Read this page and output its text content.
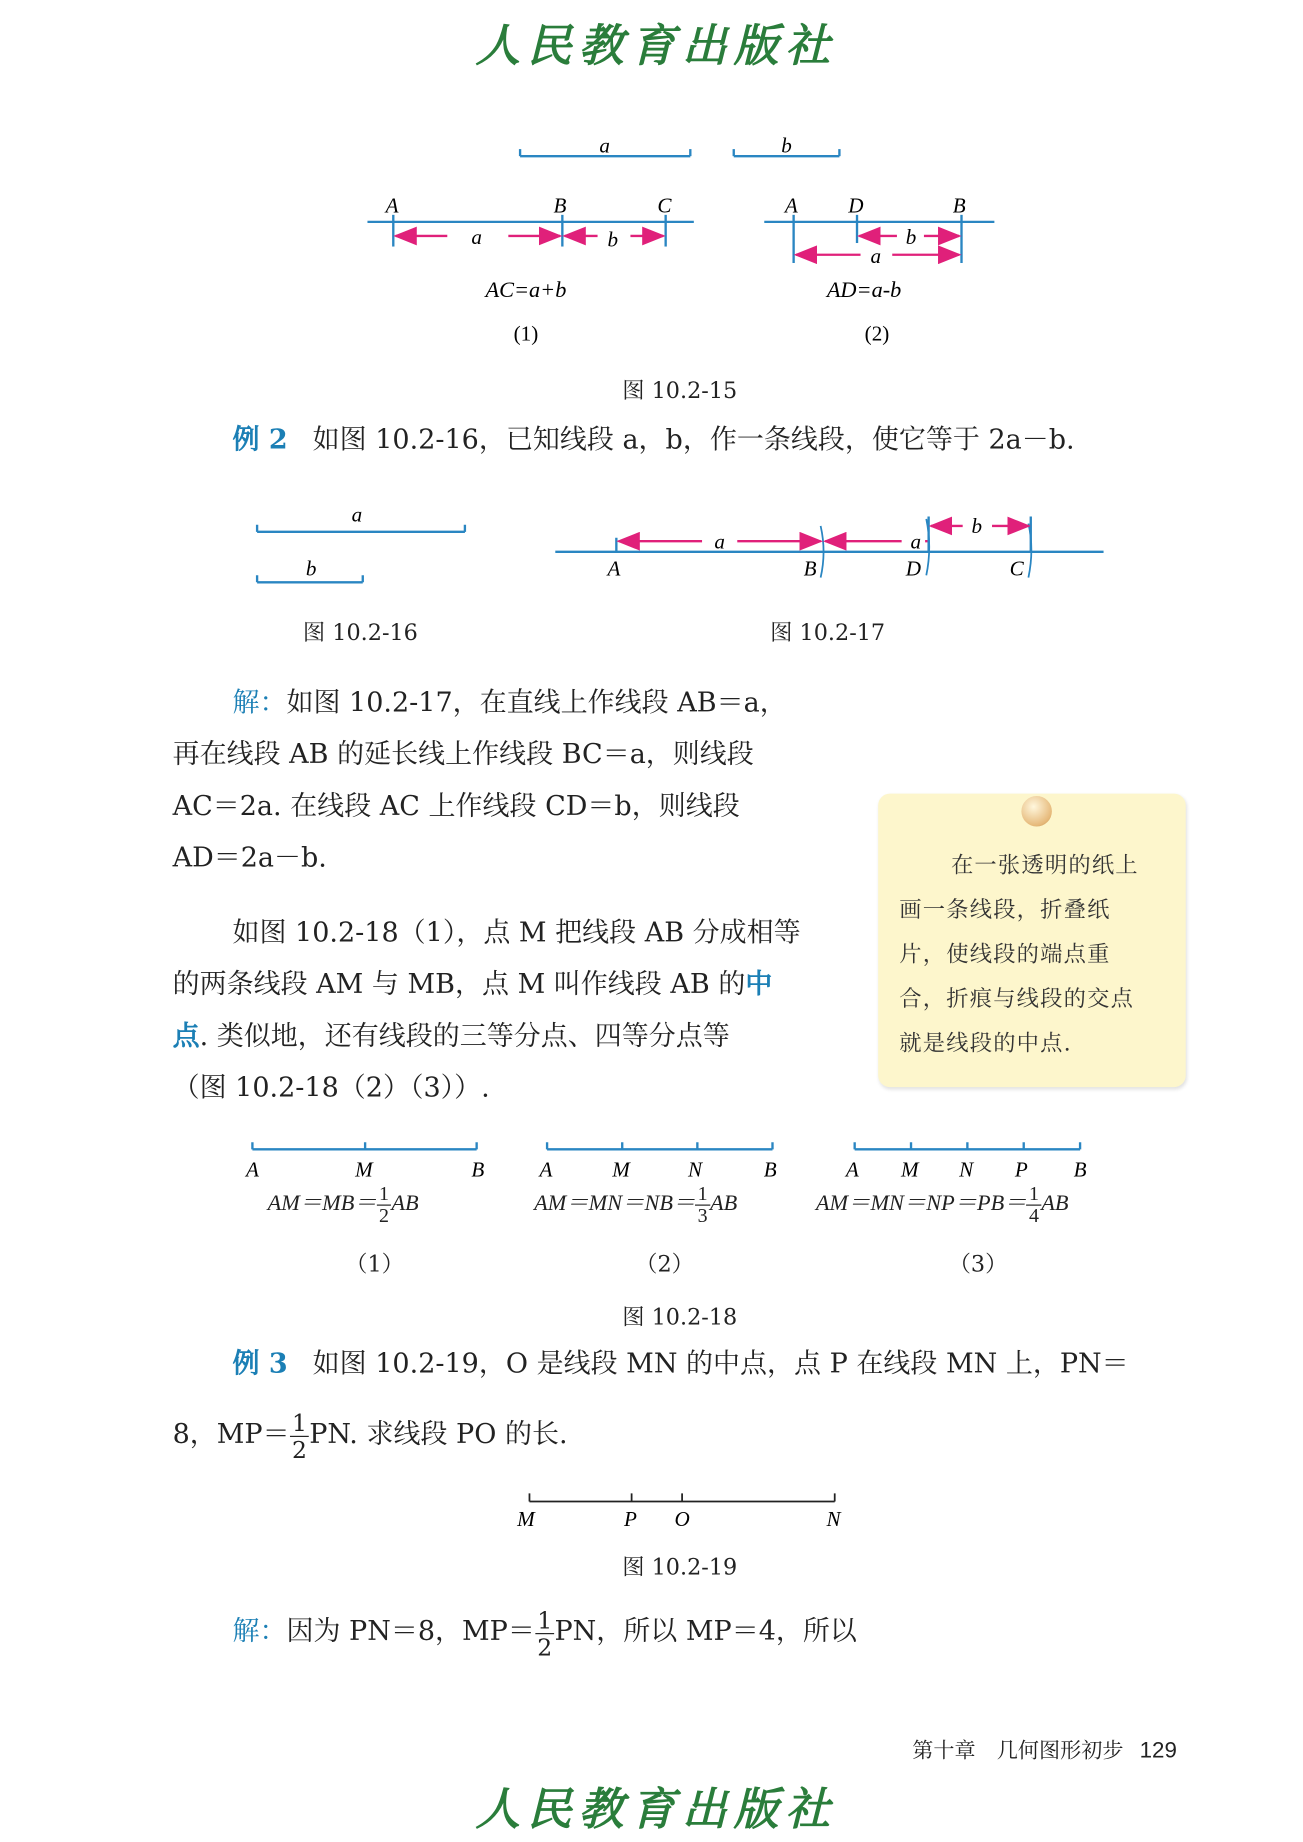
人民教育出版社
a
A	B	C
a	b
AC=a+b
(1)
b
A	D	B
b
a
AD=a-b
(2)
图 10.2-15
例 2 如图 10.2-16，已知线段 a，b，作一条线段，使它等于 2a－b.
a
b
a	a
b
A	B	D	C
图 10.2-16	图 10.2-17
解：如图 10.2-17，在直线上作线段 AB＝a，
再在线段 AB 的延长线上作线段 BC＝a，则线段
AC＝2a. 在线段 AC 上作线段 CD＝b，则线段
AD＝2a－b.
如图 10.2-18（1），点 M 把线段 AB 分成相等
的两条线段 AM 与 MB，点 M 叫作线段 AB 的中
点. 类似地，还有线段的三等分点、四等分点等
（图 10.2-18（2）（3））.
在一张透明的纸上
画一条线段，折叠纸
片，使线段的端点重
合，折痕与线段的交点
就是线段的中点.
A	M	B	A	M	N	B	A M N P	B
$AM=MB= \frac{1}{2}$ AB	$AM=MN=NB= \frac{1}{3}$ AB	$AM=MN=NP=PB= \frac{1}{4}$ AB
（1）	（2）	（3）
图 10.2-18
例 3 如图 10.2-19，O 是线段 MN 的中点，点 P 在线段 MN 上，PN＝
8，$MP= \frac{1}{2}$ PN. 求线段 PO 的长.
M	P O	N
图 10.2-19
解：因为 PN＝8，$MP= \frac{1}{2}$ PN，所以 MP＝4，所以
第十章　几何图形初步 129
人民教育出版社
